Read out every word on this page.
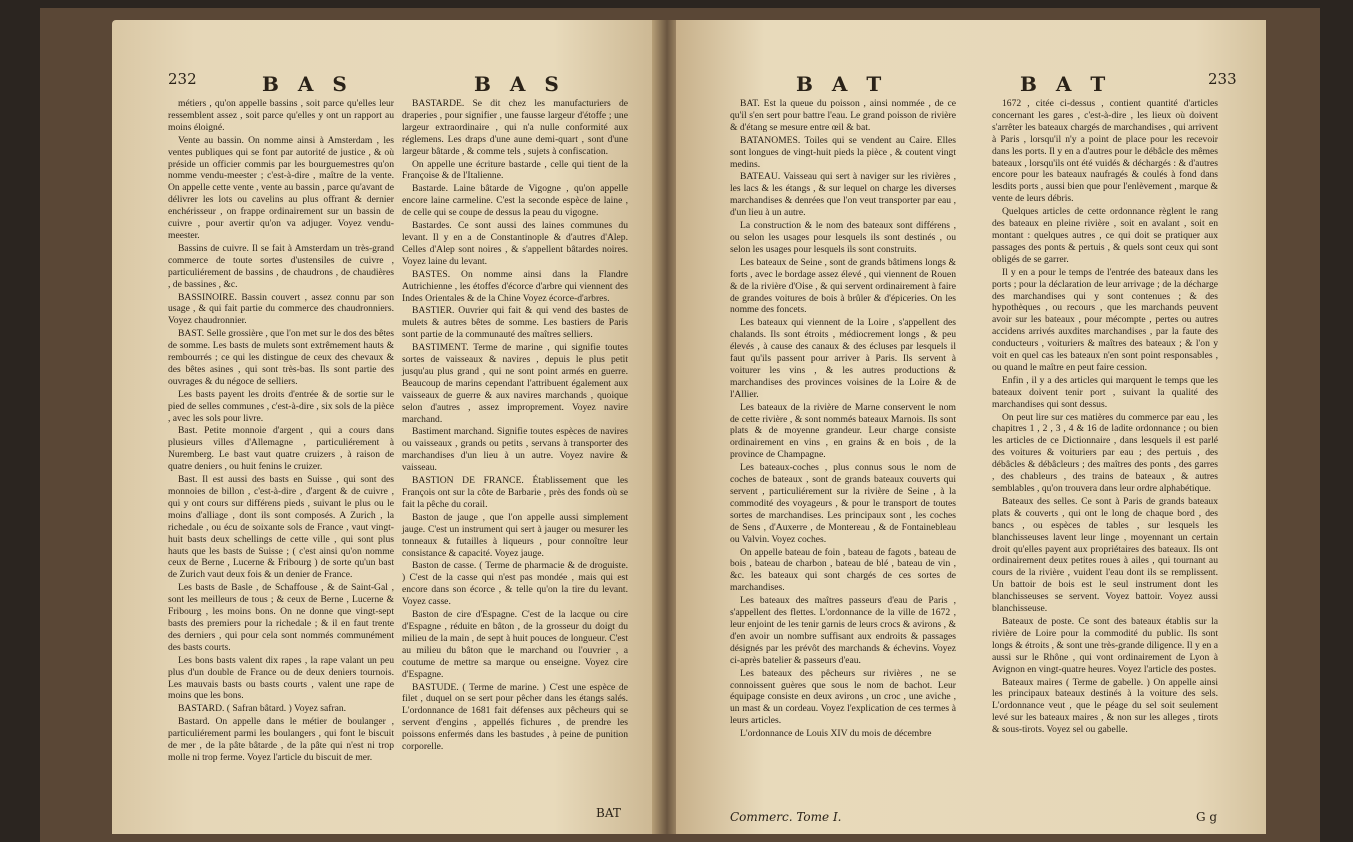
232	B A S	B A S

métiers , qu'on appelle bassins , soit parce qu'elles leur ressemblent assez , soit parce qu'elles y ont un rapport au moins éloigné.

Vente au bassin. On nomme ainsi à Amsterdam , les ventes publiques qui se font par autorité de justice , & où préside un officier commis par les bourguemestres qu'on nomme vendu-meester ; c'est-à-dire , maître de la vente. On appelle cette vente , vente au bassin , parce qu'avant de délivrer les lots ou cavelins au plus offrant & dernier enchérisseur , on frappe ordinairement sur un bassin de cuivre , pour avertir qu'on va adjuger. Voyez vendu-meester.

Bassins de cuivre. Il se fait à Amsterdam un très-grand commerce de toute sortes d'ustensiles de cuivre , particuliérement de bassins , de chaudrons , de chaudières , de bassines , &c.

BASSINOIRE. Bassin couvert , assez connu par son usage , & qui fait partie du commerce des chaudronniers. Voyez chaudronnier.

BAST. Selle grossière , que l'on met sur le dos des bêtes de somme. Les basts de mulets sont extrêmement hauts & rembourrés ; ce qui les distingue de ceux des chevaux & des bêtes asines , qui sont très-bas. Ils sont partie des ouvrages & du négoce de selliers.

Les basts payent les droits d'entrée & de sortie sur le pied de selles communes , c'est-à-dire , six sols de la pièce , avec les sols pour livre.

Bast. Petite monnoie d'argent , qui a cours dans plusieurs villes d'Allemagne , particuliérement à Nuremberg. Le bast vaut quatre cruizers , à raison de quatre deniers , ou huit fenins le cruizer.

Bast. Il est aussi des basts en Suisse , qui sont des monnoies de billon , c'est-à-dire , d'argent & de cuivre , qui y ont cours sur différens pieds , suivant le plus ou le moins d'alliage , dont ils sont composés. A Zurich , la richedale , ou écu de soixante sols de France , vaut vingt-huit basts deux schellings de cette ville , qui sont plus hauts que les basts de Suisse ; ( c'est ainsi qu'on nomme ceux de Berne , Lucerne & Fribourg ) de sorte qu'un bast de Zurich vaut deux fois & un denier de France.

Les basts de Basle , de Schaffouse , & de Saint-Gal , sont les meilleurs de tous ; & ceux de Berne , Lucerne & Fribourg , les moins bons. On ne donne que vingt-sept basts des premiers pour la richedale ; & il en faut trente des derniers , qui pour cela sont nommés communément des basts courts.

Les bons basts valent dix rapes , la rape valant un peu plus d'un double de France ou de deux deniers tournois. Les mauvais basts ou basts courts , valent une rape de moins que les bons.

BASTARD. ( Safran bâtard. ) Voyez safran.

Bastard. On appelle dans le métier de boulanger , particuliérement parmi les boulangers , qui font le biscuit de mer , de la pâte bâtarde , de la pâte qui n'est ni trop molle ni trop ferme. Voyez l'article du biscuit de mer.

BASTARDE. Se dit chez les manufacturiers de draperies , pour signifier , une fausse largeur d'étoffe ; une largeur extraordinaire , qui n'a nulle conformité aux réglemens. Les draps d'une aune demi-quart , sont d'une largeur bâtarde , & comme tels , sujets à confiscation.

On appelle une écriture bastarde , celle qui tient de la Françoise & de l'Italienne.

Bastarde. Laine bâtarde de Vigogne , qu'on appelle encore laine carmeline. C'est la seconde espèce de laine , de celle qui se coupe de dessus la peau du vigogne.

Bastardes. Ce sont aussi des laines communes du levant. Il y en a de Constantinople & d'autres d'Alep. Celles d'Alep sont noires , & s'appellent bâtardes noires. Voyez laine du levant.

BASTES. On nomme ainsi dans la Flandre Autrichienne , les étoffes d'écorce d'arbre qui viennent des Indes Orientales & de la Chine Voyez écorce-d'arbres.

BASTIER. Ouvrier qui fait & qui vend des bastes de mulets & autres bêtes de somme. Les bastiers de Paris sont partie de la communauté des maîtres selliers.

BASTIMENT. Terme de marine , qui signifie toutes sortes de vaisseaux & navires , depuis le plus petit jusqu'au plus grand , qui ne sont point armés en guerre. Beaucoup de marins cependant l'attribuent également aux vaisseaux de guerre & aux navires marchands , quoique selon d'autres , assez improprement. Voyez navire marchand.

Bastiment marchand. Signifie toutes espèces de navires ou vaisseaux , grands ou petits , servans à transporter des marchandises d'un lieu à un autre. Voyez navire & vaisseau.

BASTION DE FRANCE. Établissement que les François ont sur la côte de Barbarie , près des fonds où se fait la pêche du corail.

Baston de jauge , que l'on appelle aussi simplement jauge. C'est un instrument qui sert à jauger ou mesurer les tonneaux & futailles à liqueurs , pour connoître leur consistance & capacité. Voyez jauge.

Baston de casse. ( Terme de pharmacie & de droguiste. ) C'est de la casse qui n'est pas mondée , mais qui est encore dans son écorce , & telle qu'on la tire du levant. Voyez casse.

Baston de cire d'Espagne. C'est de la lacque ou cire d'Espagne , réduite en bâton , de la grosseur du doigt du milieu de la main , de sept à huit pouces de longueur. C'est au milieu du bâton que le marchand ou l'ouvrier , a coutume de mettre sa marque ou enseigne. Voyez cire d'Espagne.

BASTUDE. ( Terme de marine. ) C'est une espèce de filet , duquel on se sert pour pêcher dans les étangs salés. L'ordonnance de 1681 fait défenses aux pêcheurs qui se servent d'engins , appellés fichures , de prendre les poissons enfermés dans les bastudes , à peine de punition corporelle.

BAT
B A T	B A T	233

BAT. Est la queue du poisson , ainsi nommée , de ce qu'il s'en sert pour battre l'eau. Le grand poisson de rivière & d'étang se mesure entre œil & bat.

BATANOMES. Toiles qui se vendent au Caire. Elles sont longues de vingt-huit pieds la pièce , & coutent vingt medins.

BATEAU. Vaisseau qui sert à naviger sur les rivières , les lacs & les étangs , & sur lequel on charge les diverses marchandises & denrées que l'on veut transporter par eau , d'un lieu à un autre.

La construction & le nom des bateaux sont différens , ou selon les usages pour lesquels ils sont destinés , ou selon les usages pour lesquels ils sont construits.

Les bateaux de Seine , sont de grands bâtimens longs & forts , avec le bordage assez élevé , qui viennent de Rouen & de la rivière d'Oise , & qui servent ordinairement à faire de grandes voitures de bois à brûler & d'épiceries. On les nomme des foncets.

Les bateaux qui viennent de la Loire , s'appellent des chalands. Ils sont étroits , médiocrement longs , & peu élevés , à cause des canaux & des écluses par lesquels il faut qu'ils passent pour arriver à Paris. Ils servent à voiturer les vins , & les autres productions & marchandises des provinces voisines de la Loire & de l'Allier.

Les bateaux de la rivière de Marne conservent le nom de cette rivière , & sont nommés bateaux Marnois. Ils sont plats & de moyenne grandeur. Leur charge consiste ordinairement en vins , en grains & en bois , de la province de Champagne.

Les bateaux-coches , plus connus sous le nom de coches de bateaux , sont de grands bateaux couverts qui servent , particuliérement sur la rivière de Seine , à la commodité des voyageurs , & pour le transport de toutes sortes de marchandises. Les principaux sont , les coches de Sens , d'Auxerre , de Montereau , & de Fontainebleau ou Valvin. Voyez coches.

On appelle bateau de foin , bateau de fagots , bateau de bois , bateau de charbon , bateau de blé , bateau de vin , &c. les bateaux qui sont chargés de ces sortes de marchandises.

Les bateaux des maîtres passeurs d'eau de Paris , s'appellent des flettes. L'ordonnance de la ville de 1672 , leur enjoint de les tenir garnis de leurs crocs & avirons , & d'en avoir un nombre suffisant aux endroits & passages désignés par les prévôt des marchands & échevins. Voyez ci-après batelier & passeurs d'eau.

Les bateaux des pêcheurs sur rivières , ne se connoissent guères que sous le nom de bachot. Leur équipage consiste en deux avirons , un croc , une aviche , un mast & un cordeau. Voyez l'explication de ces termes à leurs articles.

L'ordonnance de Louis XIV du mois de décembre

1672 , citée ci-dessus , contient quantité d'articles concernant les gares , c'est-à-dire , les lieux où doivent s'arrêter les bateaux chargés de marchandises , qui arrivent à Paris , lorsqu'il n'y a point de place pour les recevoir dans les ports. Il y en a d'autres pour le débâcle des mêmes bateaux , lorsqu'ils ont été vuidés & déchargés : & d'autres encore pour les bateaux naufragés & coulés à fond dans lesdits ports , aussi bien que pour l'enlèvement , marque & vente de leurs débris.

Quelques articles de cette ordonnance règlent le rang des bateaux en pleine rivière , soit en avalant , soit en montant : quelques autres , ce qui doit se pratiquer aux passages des ponts & pertuis , & quels sont ceux qui sont obligés de se garrer.

Il y en a pour le temps de l'entrée des bateaux dans les ports ; pour la déclaration de leur arrivage ; de la décharge des marchandises qui y sont contenues ; & des hypothèques , ou recours , que les marchands peuvent avoir sur les bateaux , pour mécompte , pertes ou autres accidens arrivés auxdites marchandises , par la faute des conducteurs , voituriers & maîtres des bateaux ; & l'on y voit en quel cas les bateaux n'en sont point responsables , ou quand le maître en peut faire cession.

Enfin , il y a des articles qui marquent le temps que les bateaux doivent tenir port , suivant la qualité des marchandises qui sont dessus.

On peut lire sur ces matières du commerce par eau , les chapitres 1 , 2 , 3 , 4 & 16 de ladite ordonnance ; ou bien les articles de ce Dictionnaire , dans lesquels il est parlé des voitures & voituriers par eau ; des pertuis , des débâcles & débâcleurs ; des maîtres des ponts , des garres , des chableurs , des trains de bateaux , & autres semblables , qu'on trouvera dans leur ordre alphabétique.

Bateaux des selles. Ce sont à Paris de grands bateaux plats & couverts , qui ont le long de chaque bord , des bancs , ou espèces de tables , sur lesquels les blanchisseuses lavent leur linge , moyennant un certain droit qu'elles payent aux propriétaires des bateaux. Ils ont ordinairement deux petites roues à ailes , qui tournant au cours de la rivière , vuident l'eau dont ils se remplissent. Un battoir de bois est le seul instrument dont les blanchisseuses se servent. Voyez battoir. Voyez aussi blanchisseuse.

Bateaux de poste. Ce sont des bateaux établis sur la rivière de Loire pour la commodité du public. Ils sont longs & étroits , & sont une très-grande diligence. Il y en a aussi sur le Rhône , qui vont ordinairement de Lyon à Avignon en vingt-quatre heures. Voyez l'article des postes.

Bateaux maires ( Terme de gabelle. ) On appelle ainsi les principaux bateaux destinés à la voiture des sels. L'ordonnance veut , que le péage du sel soit seulement levé sur les bateaux maires , & non sur les alleges , tirots & sous-tirots. Voyez sel ou gabelle.

Commerc. Tome I.	G g
